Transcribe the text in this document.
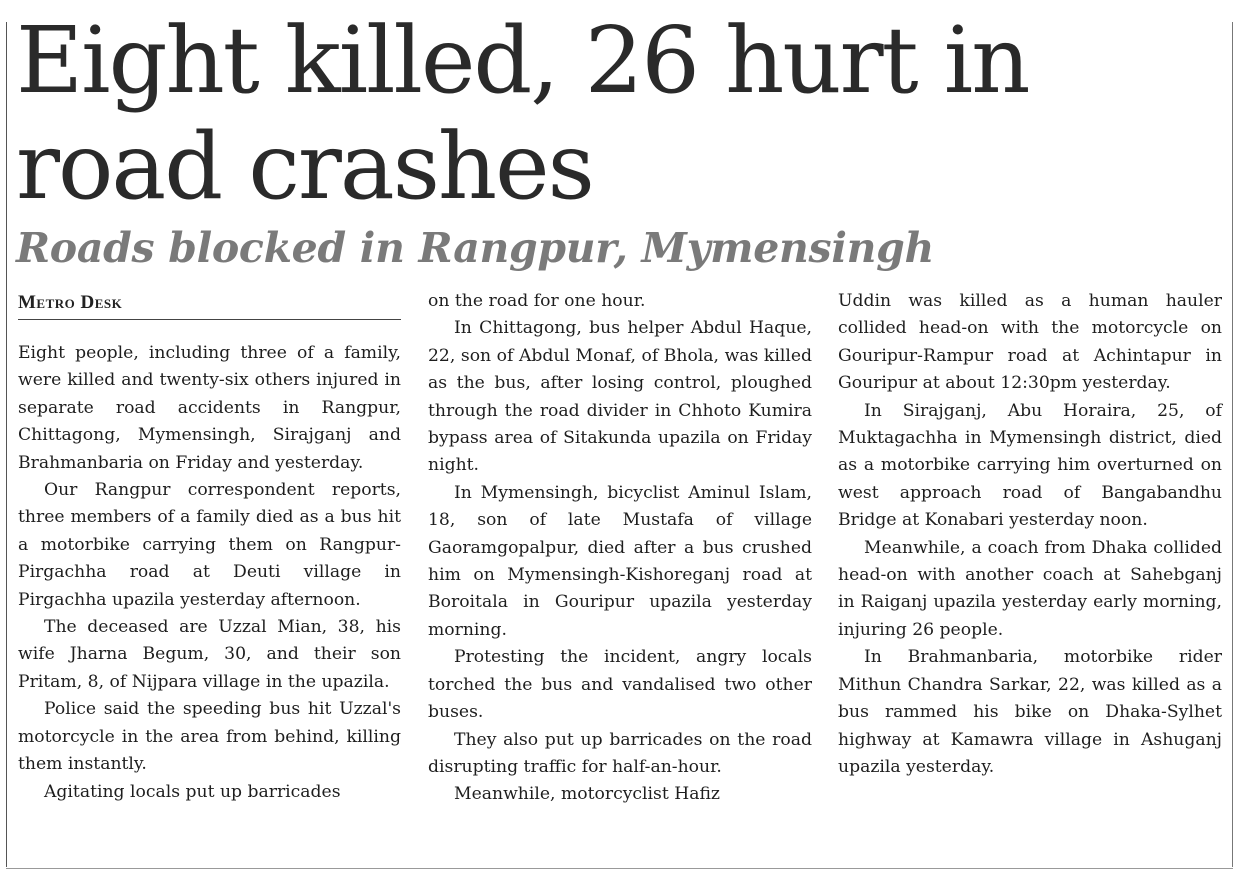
Eight killed, 26 hurt in
road crashes
Roads blocked in Rangpur, Mymensingh
Metro Desk

Eight people, including three of a family, were killed and twenty-six others injured in separate road accidents in Rangpur, Chittagong, Mymensingh, Sirajganj and Brahmanbaria on Friday and yesterday.

Our Rangpur correspondent reports, three members of a family died as a bus hit a motorbike carrying them on Rangpur-Pirgachha road at Deuti village in Pirgachha upazila yesterday afternoon.

The deceased are Uzzal Mian, 38, his wife Jharna Begum, 30, and their son Pritam, 8, of Nijpara village in the upazila.

Police said the speeding bus hit Uzzal's motorcycle in the area from behind, killing them instantly.

Agitating locals put up barricades

on the road for one hour.

In Chittagong, bus helper Abdul Haque, 22, son of Abdul Monaf, of Bhola, was killed as the bus, after losing control, ploughed through the road divider in Chhoto Kumira bypass area of Sitakunda upazila on Friday night.

In Mymensingh, bicyclist Aminul Islam, 18, son of late Mustafa of village Gaoramgopalpur, died after a bus crushed him on Mymensingh-Kishoreganj road at Boroitala in Gouripur upazila yesterday morning.

Protesting the incident, angry locals torched the bus and vandalised two other buses.

They also put up barricades on the road disrupting traffic for half-an-hour.

Meanwhile, motorcyclist Hafiz

Uddin was killed as a human hauler collided head-on with the motorcycle on Gouripur-Rampur road at Achintapur in Gouripur at about 12:30pm yesterday.

In Sirajganj, Abu Horaira, 25, of Muktagachha in Mymensingh district, died as a motorbike carrying him overturned on west approach road of Bangabandhu Bridge at Konabari yesterday noon.

Meanwhile, a coach from Dhaka collided head-on with another coach at Sahebganj in Raiganj upazila yesterday early morning, injuring 26 people.

In Brahmanbaria, motorbike rider Mithun Chandra Sarkar, 22, was killed as a bus rammed his bike on Dhaka-Sylhet highway at Kamawra village in Ashuganj upazila yesterday.
